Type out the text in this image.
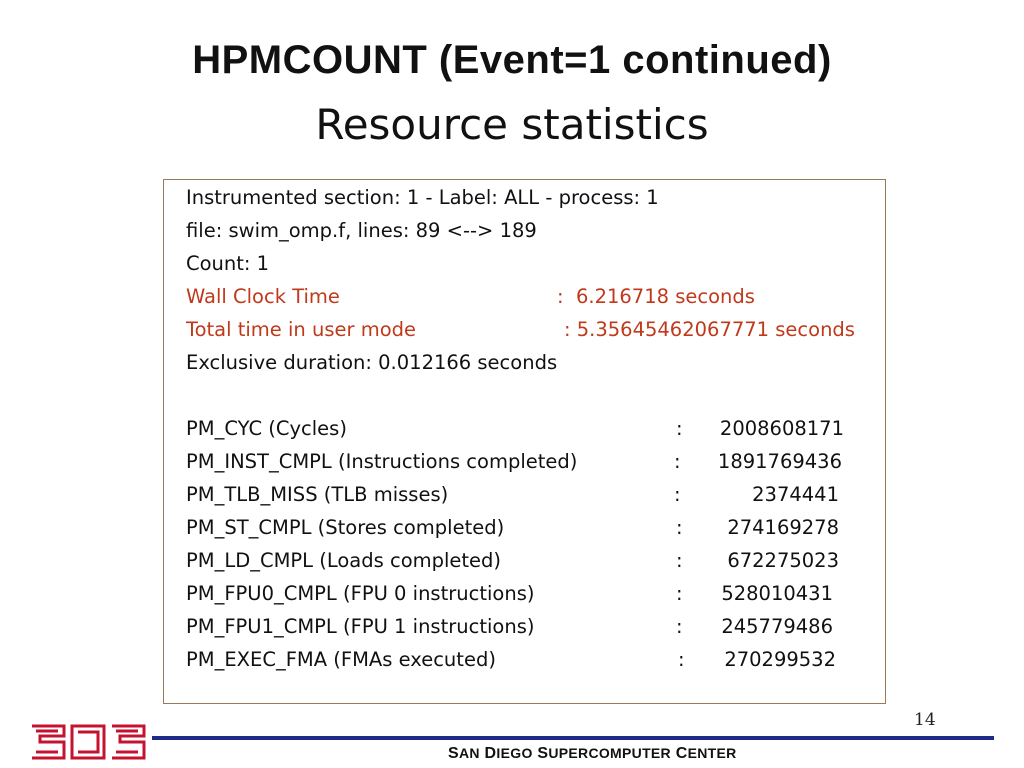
HPMCOUNT (Event=1 continued)
Resource statistics
Instrumented section: 1 - Label: ALL - process: 1
file: swim_omp.f, lines: 89 <--> 189
Count: 1
Wall Clock Time	:  6.216718 seconds
Total time in user mode	: 5.35645462067771 seconds
Exclusive duration: 0.012166 seconds
PM_CYC (Cycles)	:	2008608171
PM_INST_CMPL (Instructions completed)	:	1891769436
PM_TLB_MISS (TLB misses)	:	2374441
PM_ST_CMPL (Stores completed)	:	274169278
PM_LD_CMPL (Loads completed)	:	672275023
PM_FPU0_CMPL (FPU 0 instructions)	:	528010431
PM_FPU1_CMPL (FPU 1 instructions)	:	245779486
PM_EXEC_FMA (FMAs executed)	:	270299532
14
SAN DIEGO SUPERCOMPUTER CENTER
